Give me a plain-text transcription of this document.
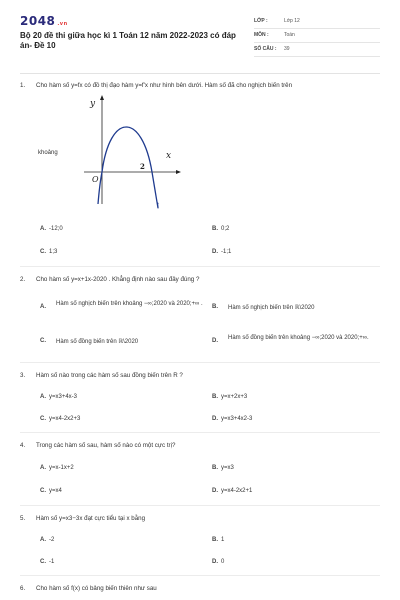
2048 .vn
Bộ 20 đề thi giữa học kì 1 Toán 12 năm 2022-2023 có đáp án- Đề 10
LỚP :	Lớp 12
MÔN :	Toán
SỐ CÂU : 39
1. Cho hàm số y=fx có đồ thị đạo hàm y=f'x như hình bên dưới. Hàm số đã cho nghịch biến trên
y
x
O
2
khoảng
A. -12;0	B. 0;2
C. 1;3	D. -1;1
2. Cho hàm số y=x+1x-2020 . Khẳng định nào sau đây đúng ?
A. Hàm số nghịch biến trên khoảng −∞;2020 và 2020;+∞ .	B. Hàm số nghịch biến trên ℝ\2020
C. Hàm số đồng biến trên ℝ\2020	D. Hàm số đồng biến trên khoảng −∞;2020 và 2020;+∞.
3. Hàm số nào trong các hàm số sau đồng biến trên R ?
A. y=x3+4x-3	B. y=x+2x+3
C. y=x4-2x2+3	D. y=x3+4x2-3
4. Trong các hàm số sau, hàm số nào có một cực trị?
A. y=x-1x+2	B. y=x3
C. y=x4	D. y=x4-2x2+1
5. Hàm số y=x3−3x đạt cực tiểu tại x bằng
A. -2	B. 1
C. -1	D. 0
6. Cho hàm số f(x) có bảng biến thiên như sau
